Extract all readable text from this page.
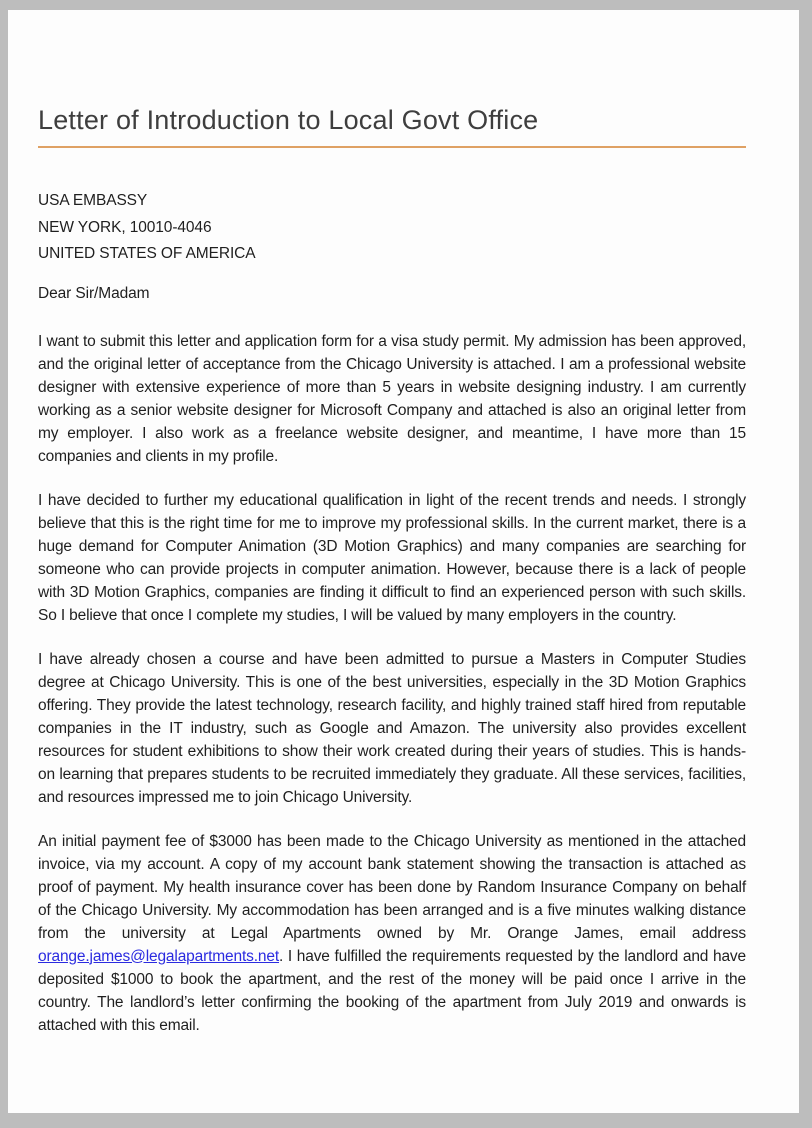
Letter of Introduction to Local Govt Office
USA EMBASSY
NEW YORK, 10010-4046
UNITED STATES OF AMERICA

Dear Sir/Madam

I want to submit this letter and application form for a visa study permit. My admission has been approved, and the original letter of acceptance from the Chicago University is attached. I am a professional website designer with extensive experience of more than 5 years in website designing industry. I am currently working as a senior website designer for Microsoft Company and attached is also an original letter from my employer. I also work as a freelance website designer, and meantime, I have more than 15 companies and clients in my profile.

I have decided to further my educational qualification in light of the recent trends and needs. I strongly believe that this is the right time for me to improve my professional skills. In the current market, there is a huge demand for Computer Animation (3D Motion Graphics) and many companies are searching for someone who can provide projects in computer animation. However, because there is a lack of people with 3D Motion Graphics, companies are finding it difficult to find an experienced person with such skills. So I believe that once I complete my studies, I will be valued by many employers in the country.

I have already chosen a course and have been admitted to pursue a Masters in Computer Studies degree at Chicago University. This is one of the best universities, especially in the 3D Motion Graphics offering. They provide the latest technology, research facility, and highly trained staff hired from reputable companies in the IT industry, such as Google and Amazon. The university also provides excellent resources for student exhibitions to show their work created during their years of studies. This is hands-on learning that prepares students to be recruited immediately they graduate. All these services, facilities, and resources impressed me to join Chicago University.

An initial payment fee of $3000 has been made to the Chicago University as mentioned in the attached invoice, via my account. A copy of my account bank statement showing the transaction is attached as proof of payment. My health insurance cover has been done by Random Insurance Company on behalf of the Chicago University. My accommodation has been arranged and is a five minutes walking distance from the university at Legal Apartments owned by Mr. Orange James, email address orange.james@legalapartments.net. I have fulfilled the requirements requested by the landlord and have deposited $1000 to book the apartment, and the rest of the money will be paid once I arrive in the country. The landlord’s letter confirming the booking of the apartment from July 2019 and onwards is attached with this email.
